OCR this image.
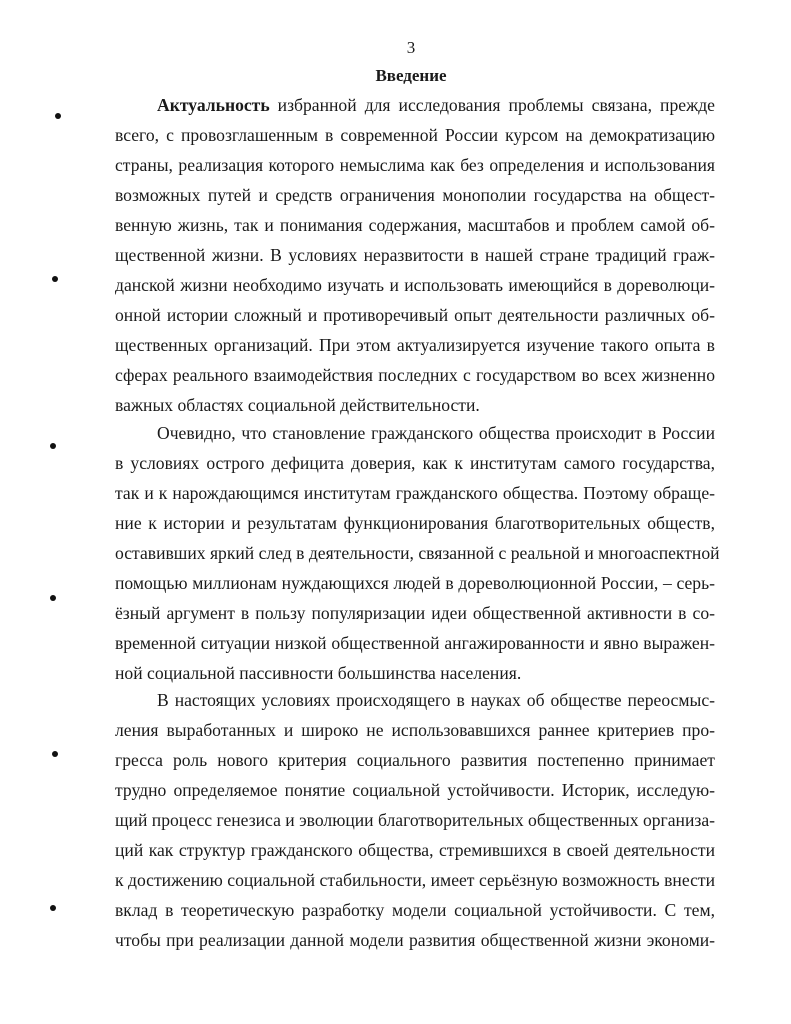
3
Введение
Актуальность избранной для исследования проблемы связана, прежде
всего, с провозглашенным в современной России курсом на демократизацию
страны, реализация которого немыслима как без определения и использования
возможных путей и средств ограничения монополии государства на общест-
венную жизнь, так и понимания содержания, масштабов и проблем самой об-
щественной жизни. В условиях неразвитости в нашей стране традиций граж-
данской жизни необходимо изучать и использовать имеющийся в дореволюци-
онной истории сложный и противоречивый опыт деятельности различных об-
щественных организаций. При этом актуализируется изучение такого опыта в
сферах реального взаимодействия последних с государством во всех жизненно
важных областях социальной действительности.
Очевидно, что становление гражданского общества происходит в России
в условиях острого дефицита доверия, как к институтам самого государства,
так и к нарождающимся институтам гражданского общества. Поэтому обраще-
ние к истории и результатам функционирования благотворительных обществ,
оставивших яркий след в деятельности, связанной с реальной и многоаспектной
помощью миллионам нуждающихся людей в дореволюционной России, – серь-
ёзный аргумент в пользу популяризации идеи общественной активности в со-
временной ситуации низкой общественной ангажированности и явно выражен-
ной социальной пассивности большинства населения.
В настоящих условиях происходящего в науках об обществе переосмыс-
ления выработанных и широко не использовавшихся раннее критериев про-
гресса роль нового критерия социального развития постепенно принимает
трудно определяемое понятие социальной устойчивости. Историк, исследую-
щий процесс генезиса и эволюции благотворительных общественных организа-
ций как структур гражданского общества, стремившихся в своей деятельности
к достижению социальной стабильности, имеет серьёзную возможность внести
вклад в теоретическую разработку модели социальной устойчивости. С тем,
чтобы при реализации данной модели развития общественной жизни экономи-
